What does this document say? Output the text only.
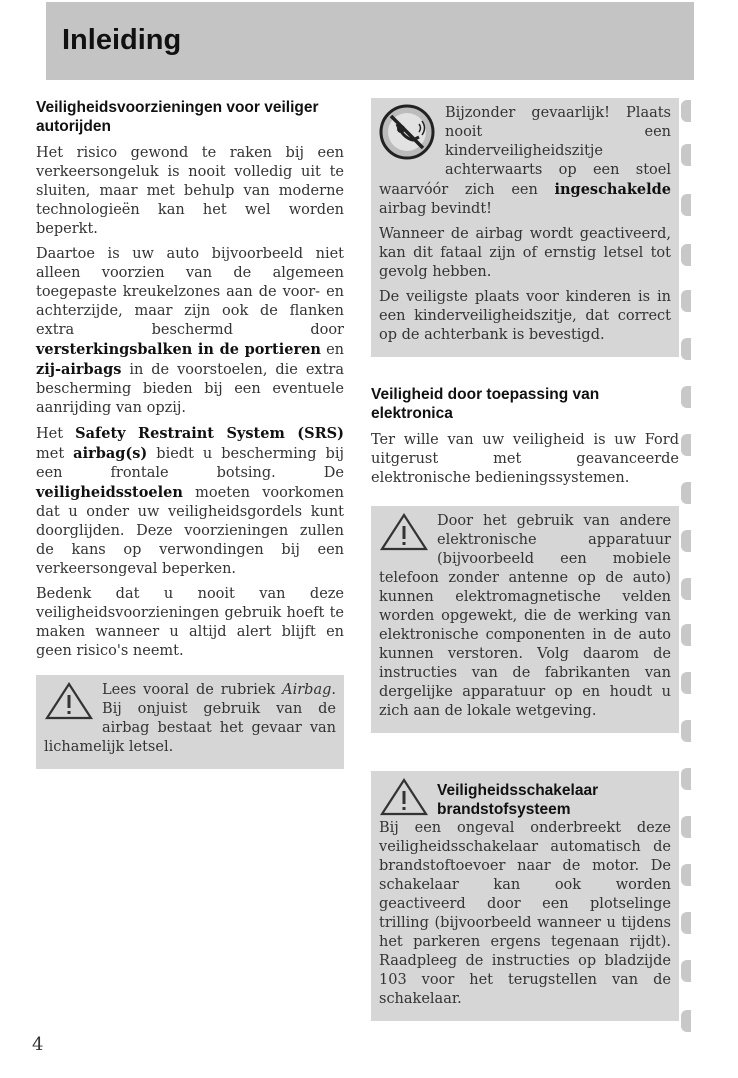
Inleiding
Veiligheidsvoorzieningen voor veiliger autorijden

Het risico gewond te raken bij een verkeersongeluk is nooit volledig uit te sluiten, maar met behulp van moderne technologieën kan het wel worden beperkt.

Daartoe is uw auto bijvoorbeeld niet alleen voorzien van de algemeen toegepaste kreukelzones aan de voor- en achterzijde, maar zijn ook de flanken extra beschermd door versterkingsbalken in de portieren en zij-airbags in de voorstoelen, die extra bescherming bieden bij een eventuele aanrijding van opzij.

Het Safety Restraint System (SRS) met airbag(s) biedt u bescherming bij een frontale botsing. De veiligheidsstoelen moeten voorkomen dat u onder uw veiligheidsgordels kunt doorglijden. Deze voorzieningen zullen de kans op verwondingen bij een verkeersongeval beperken.

Bedenk dat u nooit van deze veiligheidsvoorzieningen gebruik hoeft te maken wanneer u altijd alert blijft en geen risico's neemt.

Lees vooral de rubriek Airbag. Bij onjuist gebruik van de airbag bestaat het gevaar van lichamelijk letsel.

Bijzonder gevaarlijk! Plaats nooit een kinderveiligheidszitje achterwaarts op een stoel waarvóór zich een ingeschakelde airbag bevindt!

Wanneer de airbag wordt geactiveerd, kan dit fataal zijn of ernstig letsel tot gevolg hebben.

De veiligste plaats voor kinderen is in een kinderveiligheidszitje, dat correct op de achterbank is bevestigd.

Veiligheid door toepassing van elektronica

Ter wille van uw veiligheid is uw Ford uitgerust met geavanceerde elektronische bedieningssystemen.

Door het gebruik van andere elektronische apparatuur (bijvoorbeeld een mobiele telefoon zonder antenne op de auto) kunnen elektromagnetische velden worden opgewekt, die de werking van elektronische componenten in de auto kunnen verstoren. Volg daarom de instructies van de fabrikanten van dergelijke apparatuur op en houdt u zich aan de lokale wetgeving.

Veiligheidsschakelaar brandstofsysteem

Bij een ongeval onderbreekt deze veiligheidsschakelaar automatisch de brandstoftoevoer naar de motor. De schakelaar kan ook worden geactiveerd door een plotselinge trilling (bijvoorbeeld wanneer u tijdens het parkeren ergens tegenaan rijdt). Raadpleeg de instructies op bladzijde 103 voor het terugstellen van de schakelaar.

4
